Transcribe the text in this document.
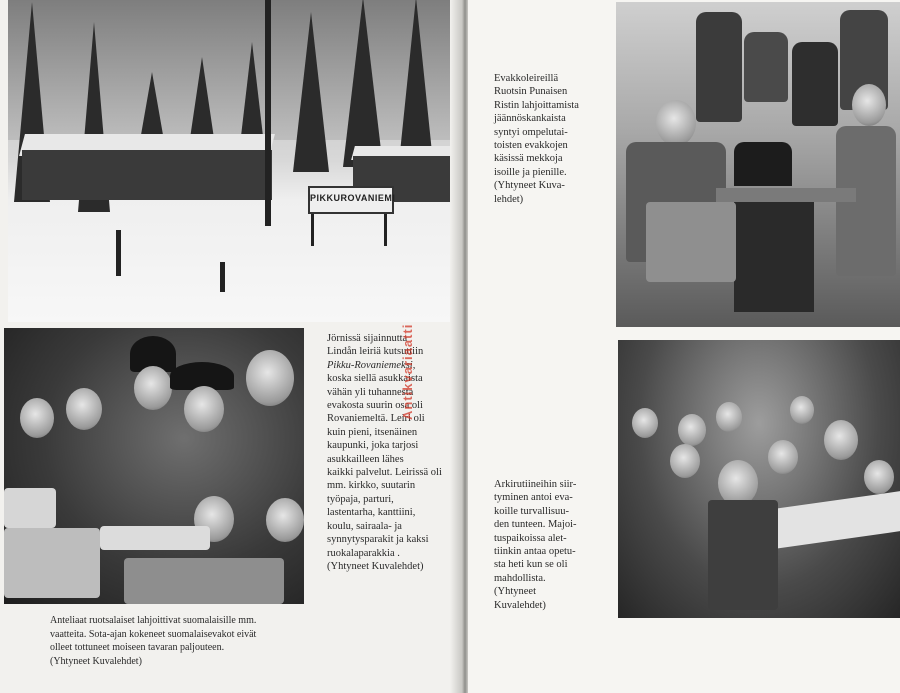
PIKKUROVANIEMI

Jörnissä sijainnutta

Lindån leiriä kutsuttiin

Pikku-Rovaniemeksi,

koska siellä asukkaista

vähän yli tuhannesta

evakosta suurin osa oli

Rovaniemeltä. Leiri oli

kuin pieni, itsenäinen

kaupunki, joka tarjosi

asukkailleen lähes

kaikki palvelut. Leirissä oli mm. kirkko, suutarin työpaja, parturi,

lastentarha, kanttiini,

koulu, sairaala- ja synnytysparakit ja kaksi

ruokalaparakkia .

(Yhtyneet Kuvalehdet)

Anteliaat ruotsalaiset lahjoittivat suomalaisille mm.

vaatteita. Sota-ajan kokeneet suomalaisevakot eivät

olleet tottuneet moiseen tavaran paljouteen.

(Yhtyneet Kuvalehdet)

Antikvariaatti

Evakkoleireillä

Ruotsin Punaisen

Ristin lahjoittamista

jäännöskankaista

syntyi ompelutai-

toisten evakkojen

käsissä mekkoja

isoille ja pienille.

(Yhtyneet Kuva-

lehdet)

Arkirutiineihin siir-

tyminen antoi eva-

koille turvallisuu-

den tunteen. Majoi-

tuspaikoissa alet-

tiinkin antaa opetu-

sta heti kun se oli

mahdollista.

(Yhtyneet

Kuvalehdet)
